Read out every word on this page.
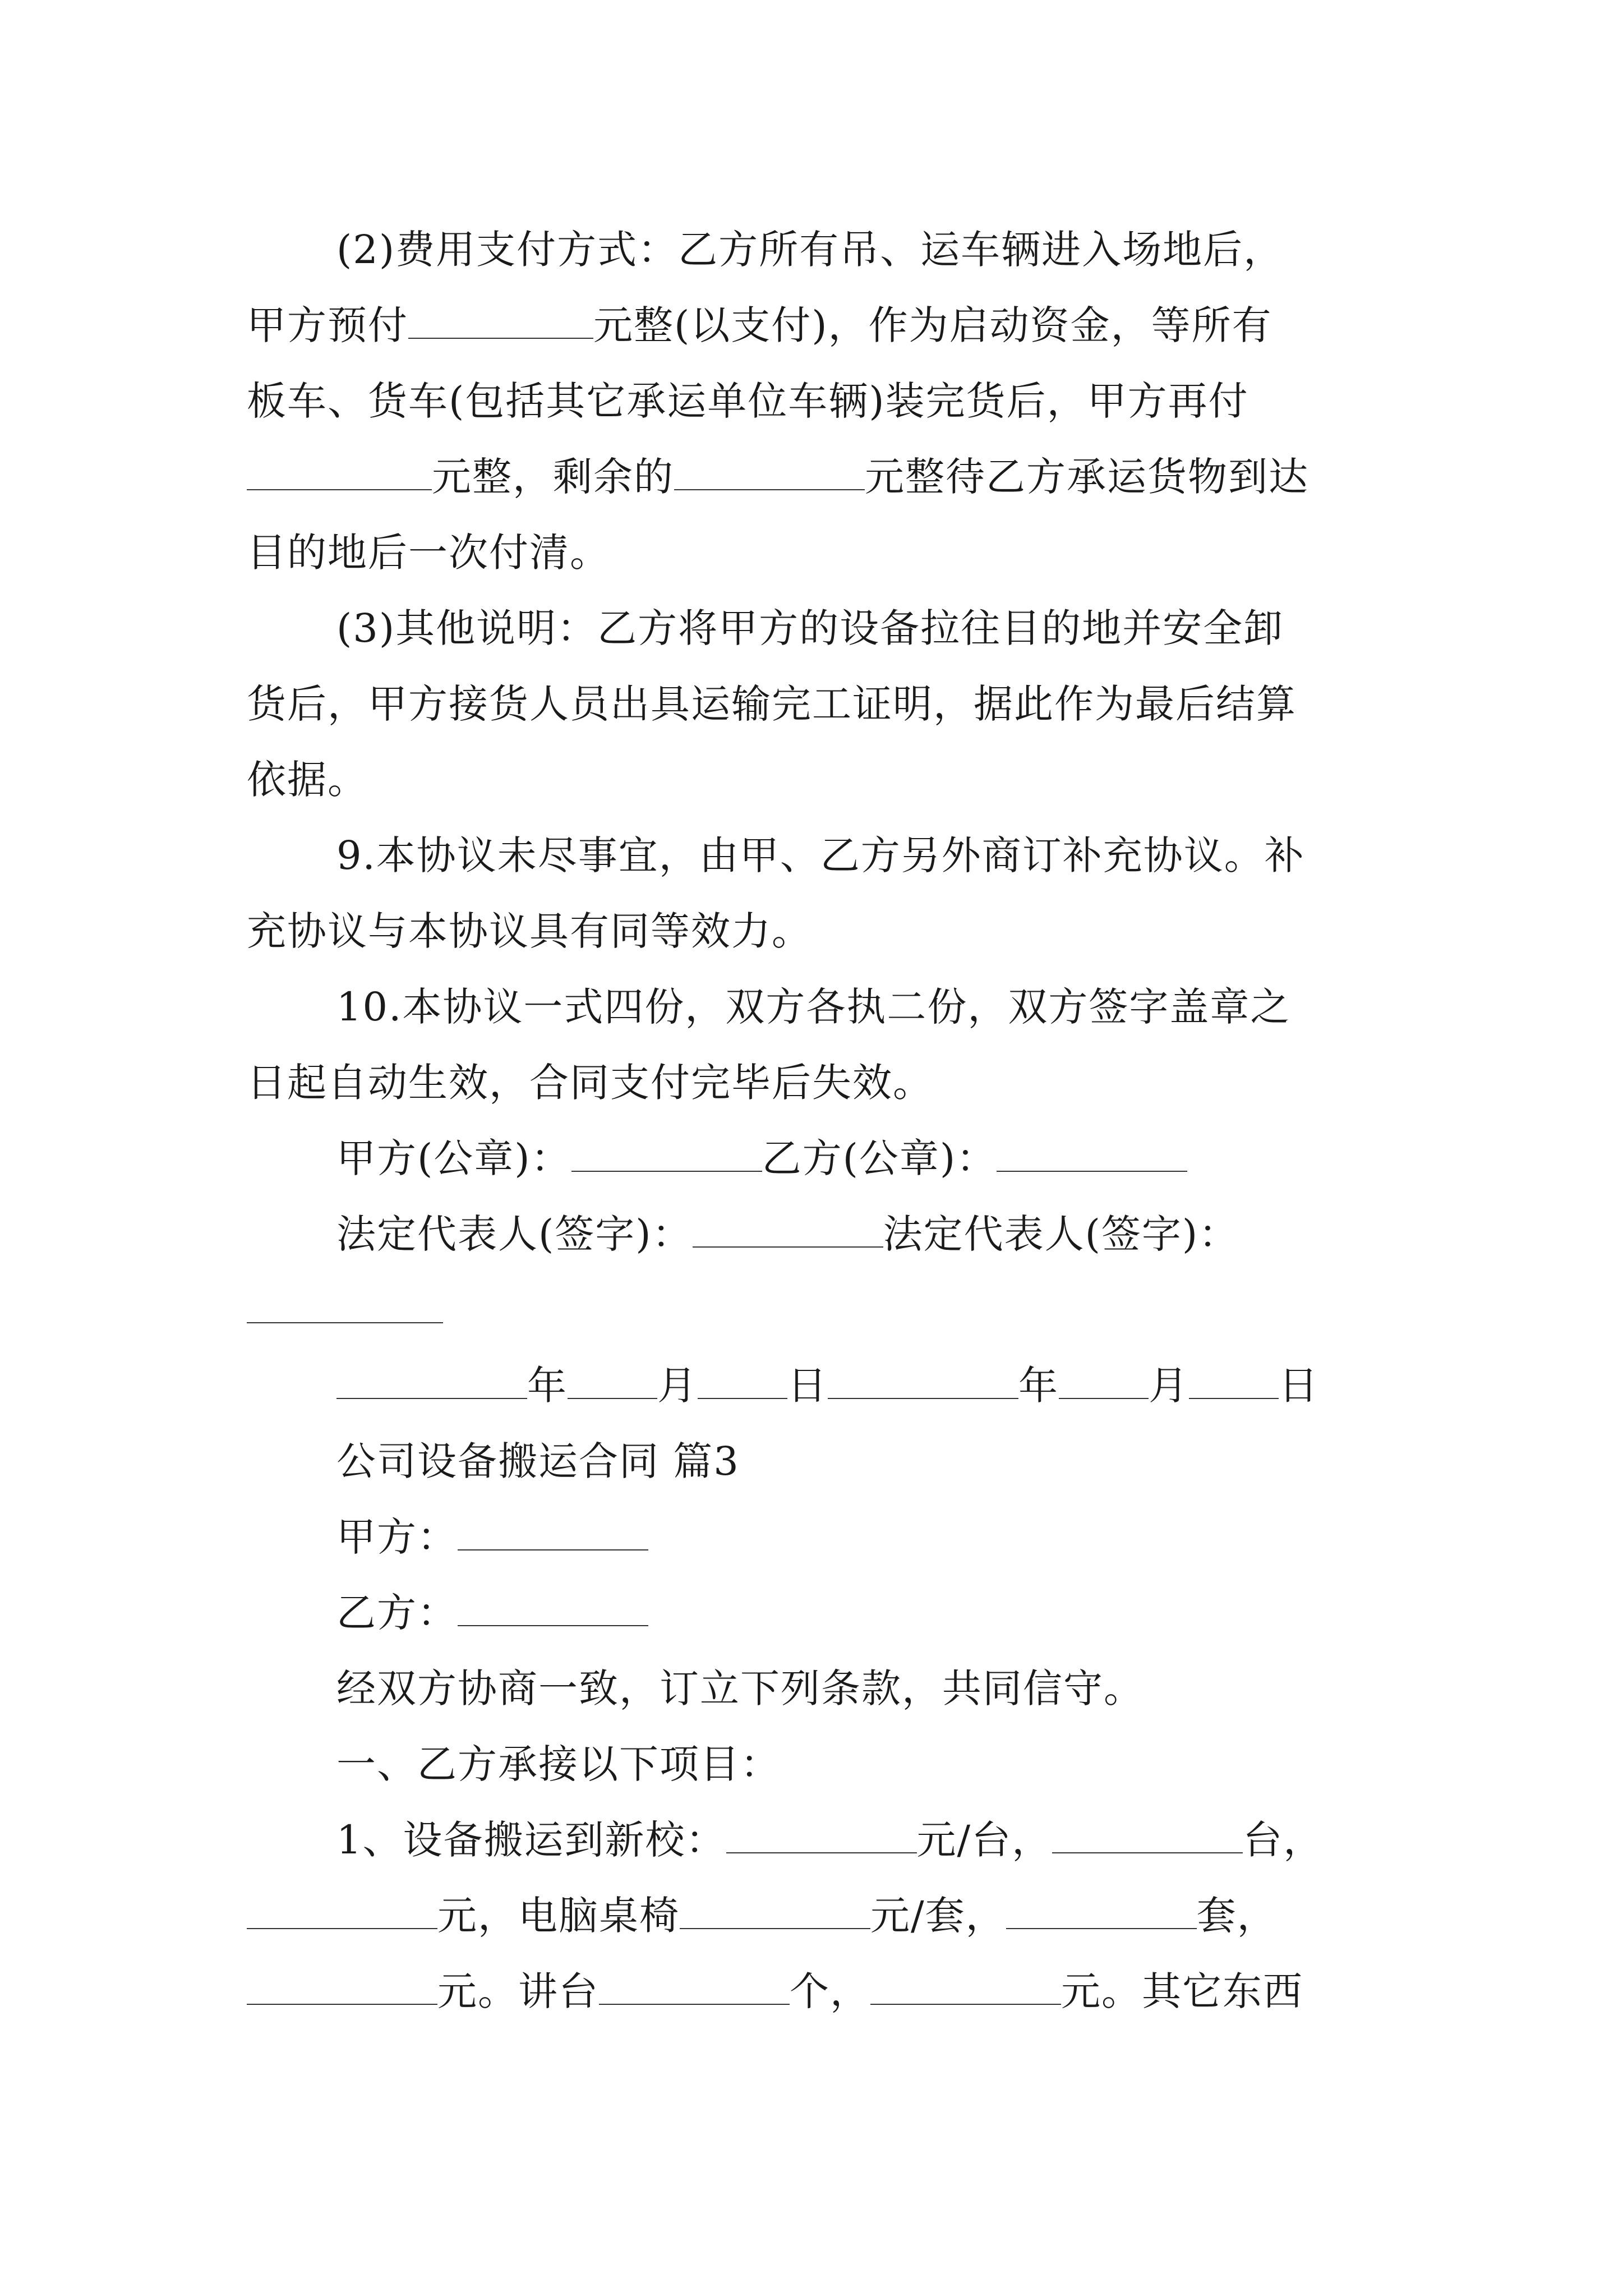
(2)费用支付方式：乙方所有吊、运车辆进入场地后，
甲方预付	元整(以支付)，作为启动资金，等所有
板车、货车(包括其它承运单位车辆)装完货后，甲方再付
元整，剩余的	元整待乙方承运货物到达
目的地后一次付清。
(3)其他说明：乙方将甲方的设备拉往目的地并安全卸
货后，甲方接货人员出具运输完工证明，据此作为最后结算
依据。
9.本协议未尽事宜，由甲、乙方另外商订补充协议。补
充协议与本协议具有同等效力。
10.本协议一式四份，双方各执二份，双方签字盖章之
日起自动生效，合同支付完毕后失效。
甲方(公章)：	乙方(公章)：
法定代表人(签字)：	法定代表人(签字)：
年 月 日	年 月 日
公司设备搬运合同 篇3
甲方：
乙方：
经双方协商一致，订立下列条款，共同信守。
一、乙方承接以下项目：
1、设备搬运到新校：	元/台，	台，
元，电脑桌椅	元/套，	套，
元。讲台	个，	元。其它东西
